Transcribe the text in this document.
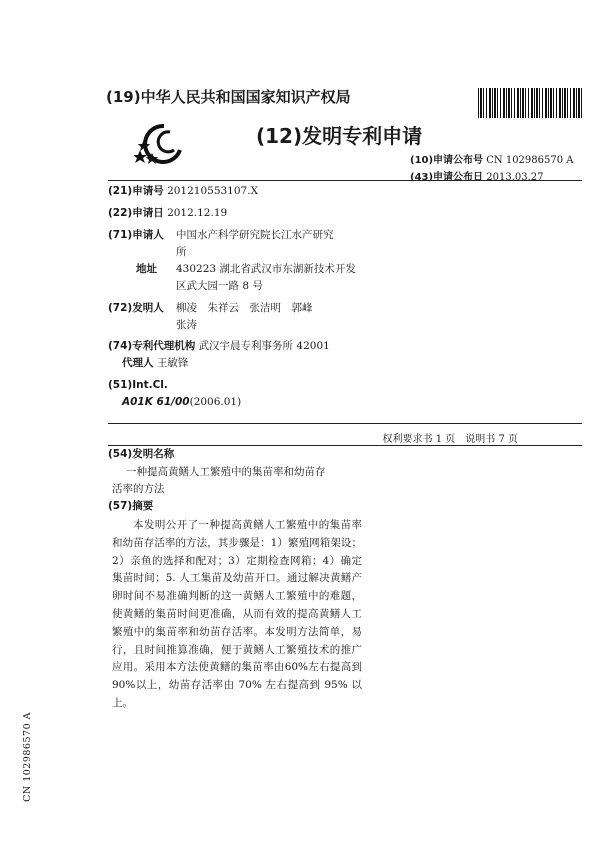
(19)中华人民共和国国家知识产权局
(12)发明专利申请
(10)申请公布号 CN 102986570 A
(43)申请公布日 2013.03.27
(21)申请号 201210553107.X
(22)申请日 2012.12.19
(71)申请人 中国水产科学研究院长江水产研究
所
地址 430223 湖北省武汉市东湖新技术开发
区武大园一路 8 号
(72)发明人 柳凌　朱祥云　张洁明　郭峰
张涛
(74)专利代理机构 武汉宇晨专利事务所 42001
代理人 王敏锋
(51)Int.Cl.
A01K 61/00(2006.01)
权利要求书 1 页　说明书 7 页
(54)发明名称
一种提高黄鳝人工繁殖中的集苗率和幼苗存
活率的方法
(57)摘要

本发明公开了一种提高黄鳝人工繁殖中的集苗率和幼苗存活率的方法，其步骤是：1）繁殖网箱架设；2）亲鱼的选择和配对；3）定期检查网箱；4）确定集苗时间；5. 人工集苗及幼苗开口。通过解决黄鳝产卵时间不易准确判断的这一黄鳝人工繁殖中的难题，使黄鳝的集苗时间更准确，从而有效的提高黄鳝人工繁殖中的集苗率和幼苗存活率。本发明方法简单，易行，且时间推算准确，便于黄鳝人工繁殖技术的推广应用。采用本方法使黄鳝的集苗率由60%左右提高到90%以上，幼苗存活率由 70% 左右提高到 95% 以上。

CN 102986570 A
